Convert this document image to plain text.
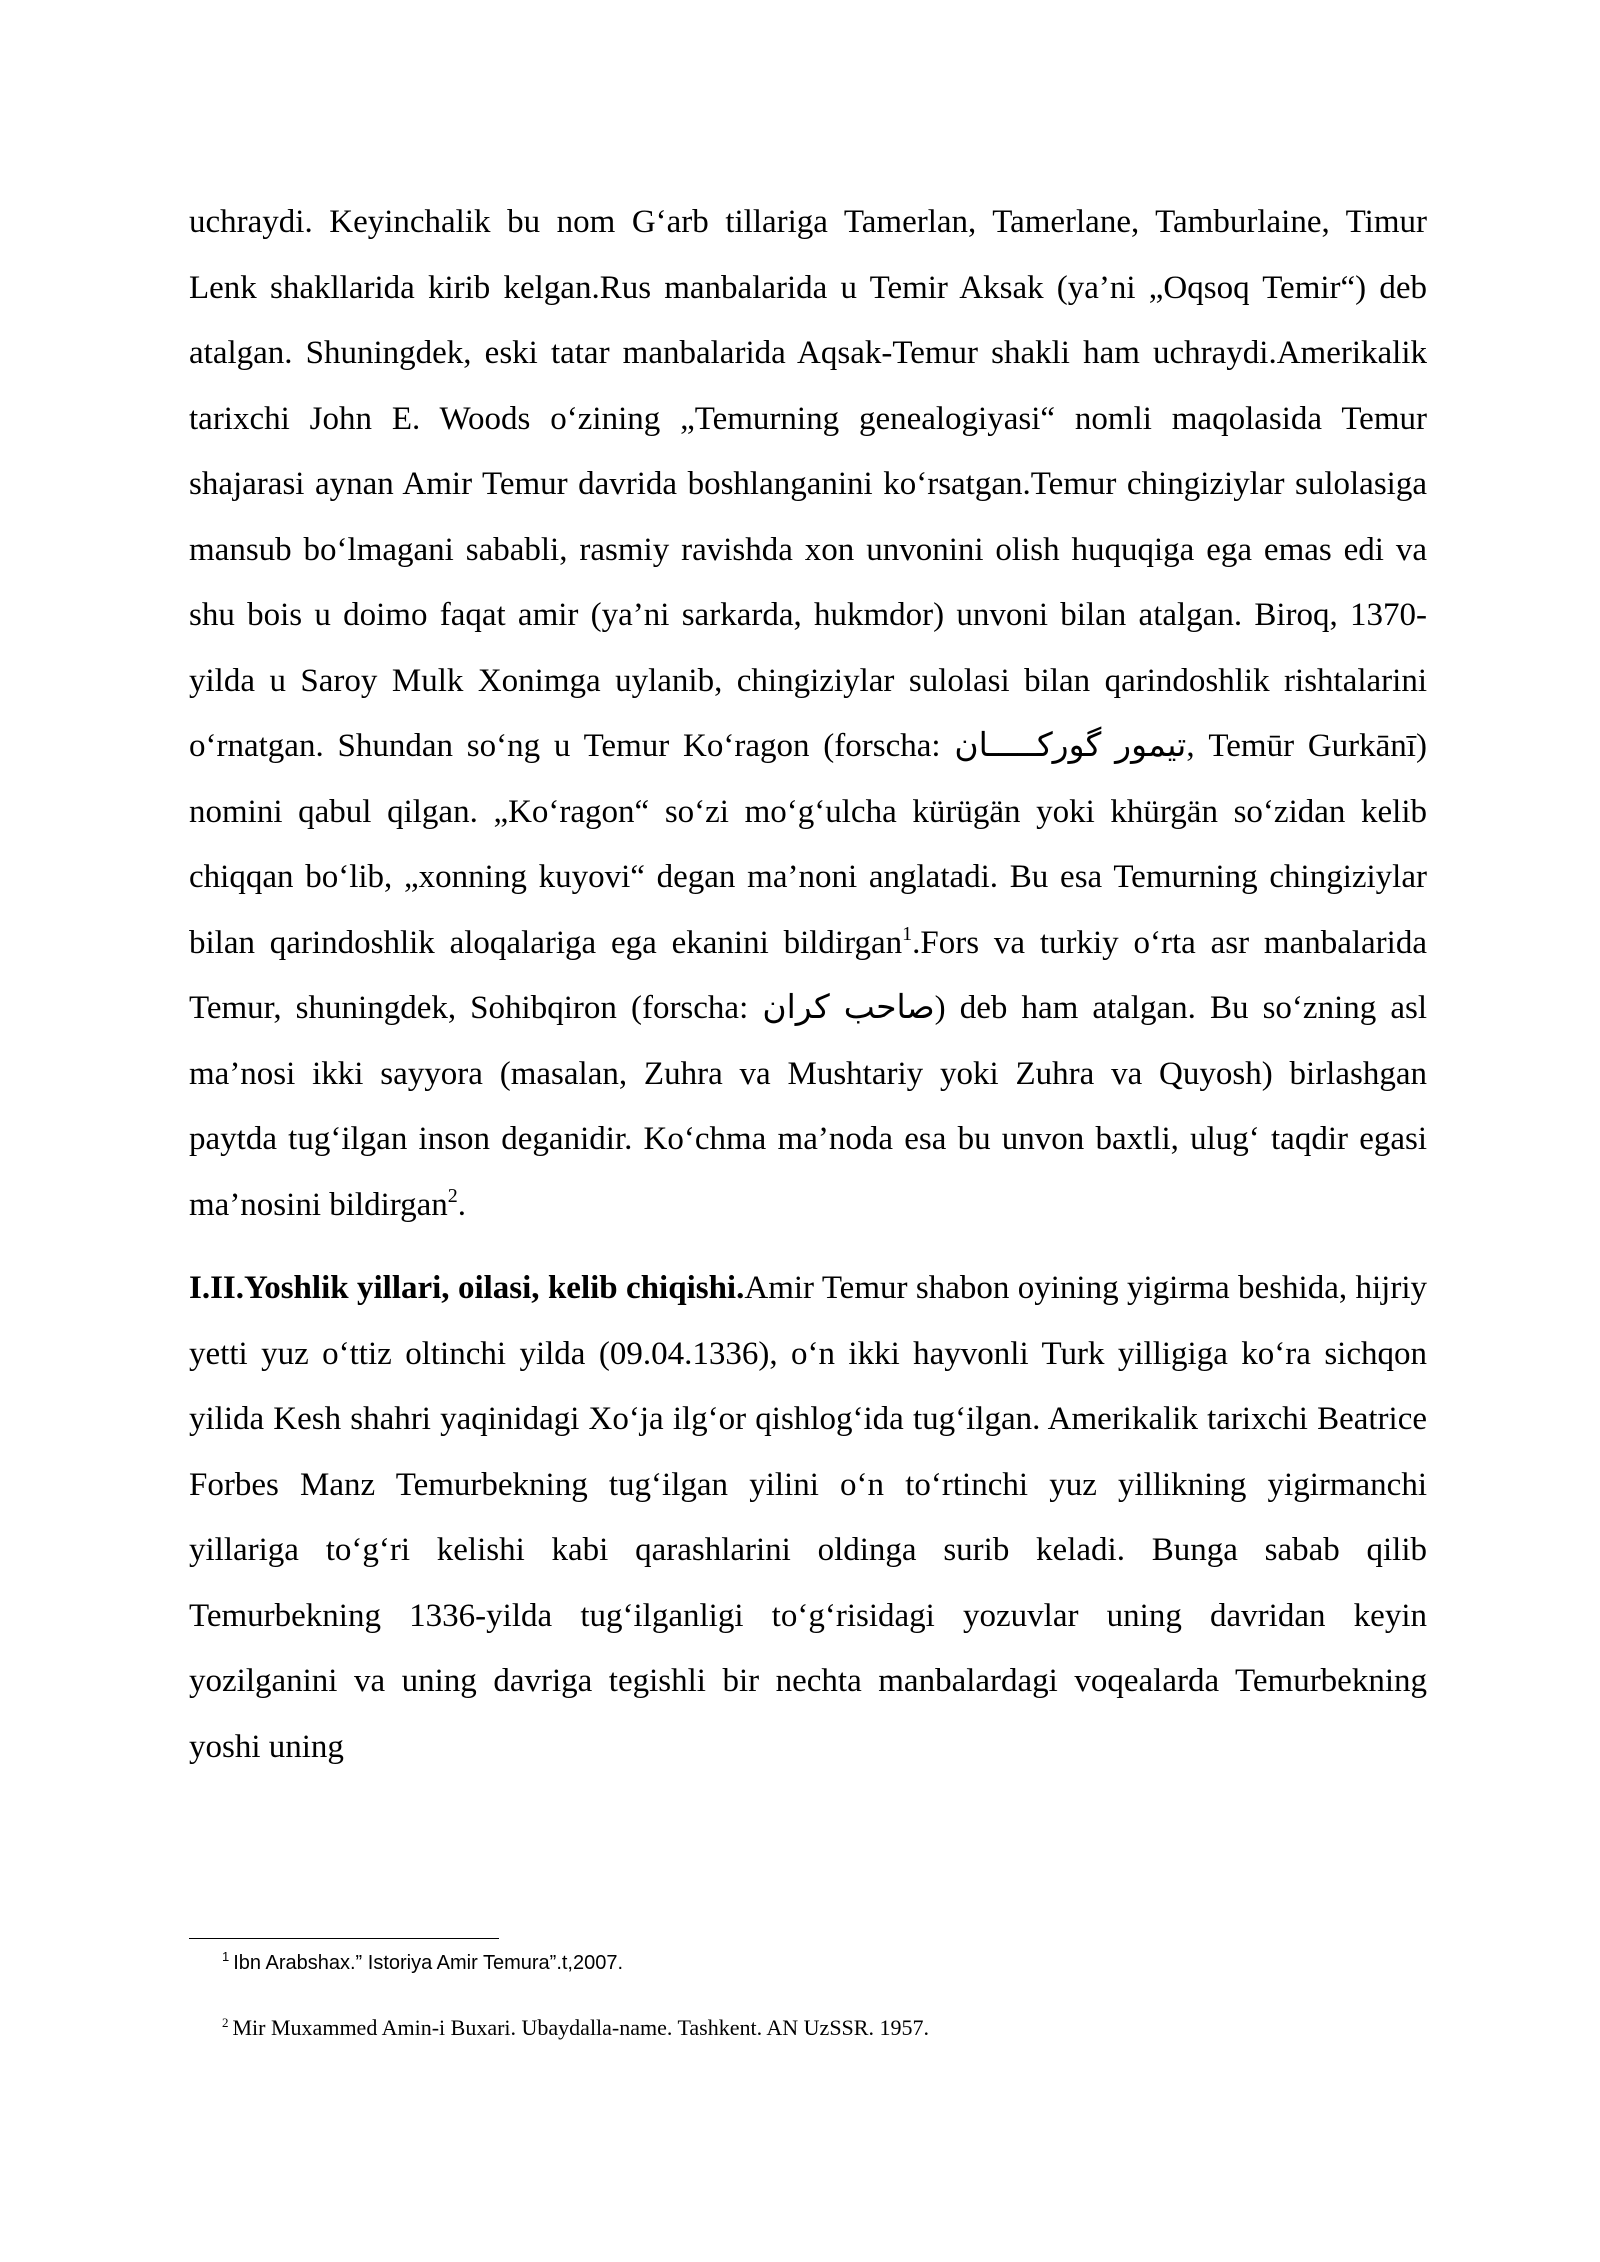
uchraydi. Keyinchalik bu nom G‘arb tillariga Tamerlan, Tamerlane, Tamburlaine, Timur Lenk shakllarida kirib kelgan.Rus manbalarida u Temir Aksak (ya’ni „Oqsoq Temir“) deb atalgan. Shuningdek, eski tatar manbalarida Aqsak-Temur shakli ham uchraydi.Amerikalik tarixchi John E. Woods o‘zining „Temurning genealogiyasi“ nomli maqolasida Temur shajarasi aynan Amir Temur davrida boshlanganini ko‘rsatgan.Temur chingiziylar sulolasiga mansub bo‘lmagani sababli, rasmiy ravishda xon unvonini olish huquqiga ega emas edi va shu bois u doimo faqat amir (ya’ni sarkarda, hukmdor) unvoni bilan atalgan. Biroq, 1370-yilda u Saroy Mulk Xonimga uylanib, chingiziylar sulolasi bilan qarindoshlik rishtalarini o‘rnatgan. Shundan so‘ng u Temur Ko‘ragon (forscha: تیمور گورکـــــان, Temūr Gurkānī) nomini qabul qilgan. „Ko‘ragon“ so‘zi mo‘g‘ulcha kürügän yoki khürgän so‘zidan kelib chiqqan bo‘lib, „xonning kuyovi“ degan ma’noni anglatadi. Bu esa Temurning chingiziylar bilan qarindoshlik aloqalariga ega ekanini bildirgan$^1$.Fors va turkiy o‘rta asr manbalarida Temur, shuningdek, Sohibqiron (forscha: صاحب کران) deb ham atalgan. Bu so‘zning asl ma’nosi ikki sayyora (masalan, Zuhra va Mushtariy yoki Zuhra va Quyosh) birlashgan paytda tug‘ilgan inson deganidir. Ko‘chma ma’noda esa bu unvon baxtli, ulug‘ taqdir egasi ma’nosini bildirgan$^2$.

I.II.Yoshlik yillari, oilasi, kelib chiqishi.Amir Temur shabon oyining yigirma beshida, hijriy yetti yuz o‘ttiz oltinchi yilda (09.04.1336), o‘n ikki hayvonli Turk yilligiga ko‘ra sichqon yilida Kesh shahri yaqinidagi Xo‘ja ilg‘or qishlog‘ida tug‘ilgan. Amerikalik tarixchi Beatrice Forbes Manz Temurbekning tug‘ilgan yilini o‘n to‘rtinchi yuz yillikning yigirmanchi yillariga to‘g‘ri kelishi kabi qarashlarini oldinga surib keladi. Bunga sabab qilib Temurbekning 1336-yilda tug‘ilganligi to‘g‘risidagi yozuvlar uning davridan keyin yozilganini va uning davriga tegishli bir nechta manbalardagi voqealarda Temurbekning yoshi uning

$^1$ Ibn Arabshax.” Istoriya Amir Temura”.t,2007.
$^2$ Mir Muxammed Amin-i Buxari. Ubaydalla-name. Tashkent. AN UzSSR. 1957.
